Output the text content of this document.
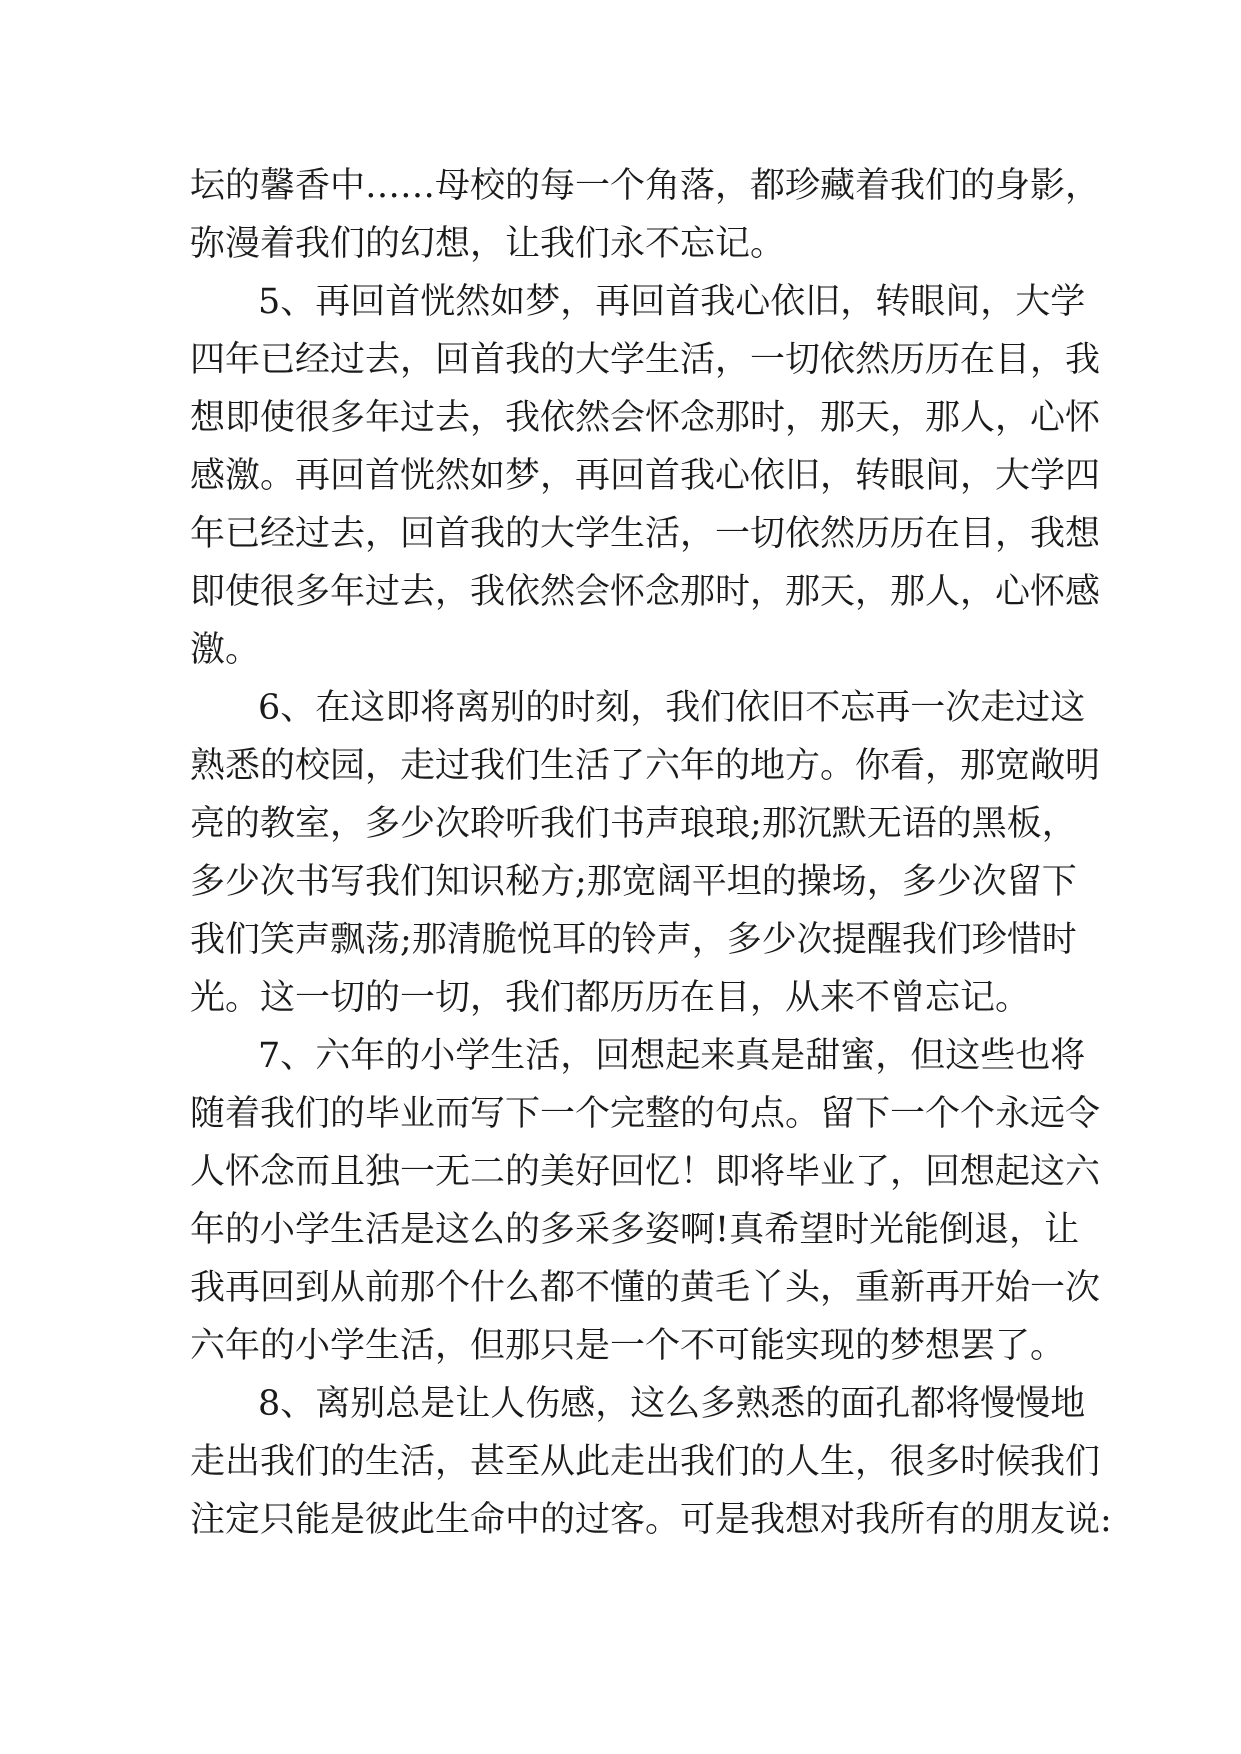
坛的馨香中……母校的每一个角落，都珍藏着我们的身影，
弥漫着我们的幻想，让我们永不忘记。
5、再回首恍然如梦，再回首我心依旧，转眼间，大学
四年已经过去，回首我的大学生活，一切依然历历在目，我
想即使很多年过去，我依然会怀念那时，那天，那人，心怀
感激。再回首恍然如梦，再回首我心依旧，转眼间，大学四
年已经过去，回首我的大学生活，一切依然历历在目，我想
即使很多年过去，我依然会怀念那时，那天，那人，心怀感
激。
6、在这即将离别的时刻，我们依旧不忘再一次走过这
熟悉的校园，走过我们生活了六年的地方。你看，那宽敞明
亮的教室，多少次聆听我们书声琅琅;那沉默无语的黑板，
多少次书写我们知识秘方;那宽阔平坦的操场，多少次留下
我们笑声飘荡;那清脆悦耳的铃声，多少次提醒我们珍惜时
光。这一切的一切，我们都历历在目，从来不曾忘记。
7、六年的小学生活，回想起来真是甜蜜，但这些也将
随着我们的毕业而写下一个完整的句点。留下一个个永远令
人怀念而且独一无二的美好回忆！即将毕业了，回想起这六
年的小学生活是这么的多采多姿啊!真希望时光能倒退，让
我再回到从前那个什么都不懂的黄毛丫头，重新再开始一次
六年的小学生活，但那只是一个不可能实现的梦想罢了。
8、离别总是让人伤感，这么多熟悉的面孔都将慢慢地
走出我们的生活，甚至从此走出我们的人生，很多时候我们
注定只能是彼此生命中的过客。可是我想对我所有的朋友说:
